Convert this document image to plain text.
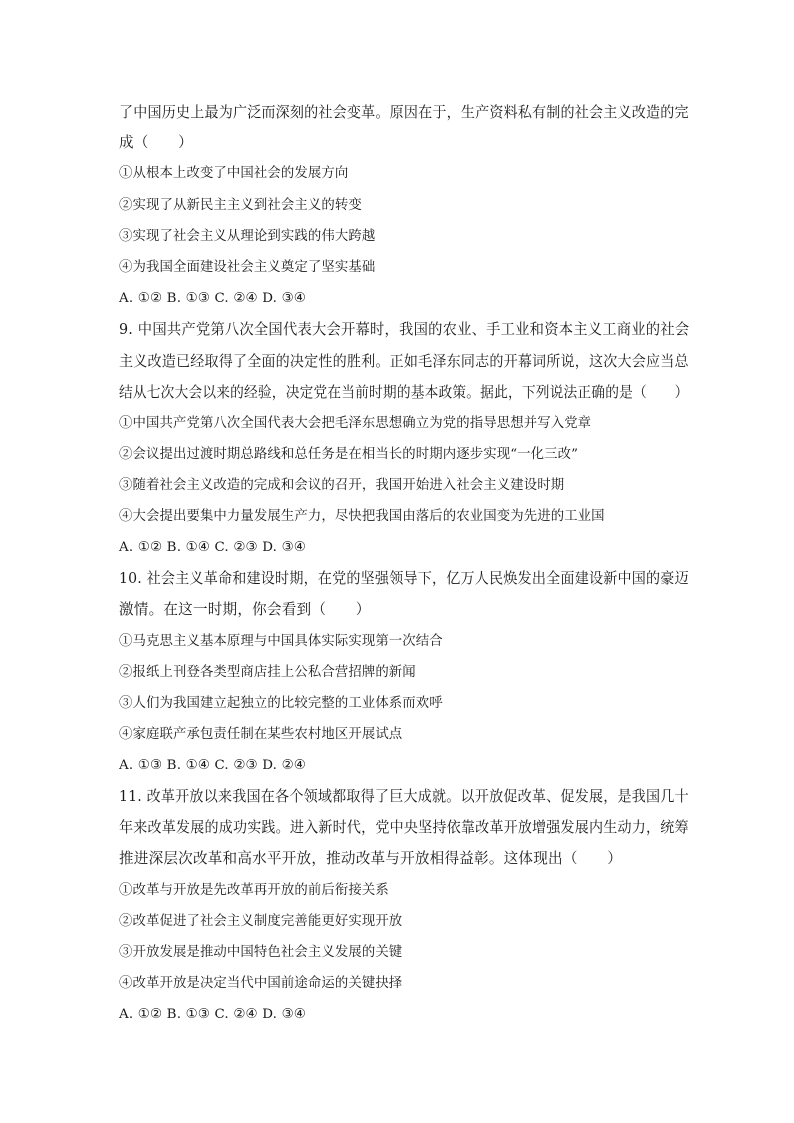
了中国历史上最为广泛而深刻的社会变革。原因在于，生产资料私有制的社会主义改造的完
成（　　）
①从根本上改变了中国社会的发展方向
②实现了从新民主主义到社会主义的转变
③实现了社会主义从理论到实践的伟大跨越
④为我国全面建设社会主义奠定了坚实基础
A. ①② B. ①③ C. ②④ D. ③④
9. 中国共产党第八次全国代表大会开幕时，我国的农业、手工业和资本主义工商业的社会
主义改造已经取得了全面的决定性的胜利。正如毛泽东同志的开幕词所说，这次大会应当总
结从七次大会以来的经验，决定党在当前时期的基本政策。据此，下列说法正确的是（　　）
①中国共产党第八次全国代表大会把毛泽东思想确立为党的指导思想并写入党章
②会议提出过渡时期总路线和总任务是在相当长的时期内逐步实现“一化三改”
③随着社会主义改造的完成和会议的召开，我国开始进入社会主义建设时期
④大会提出要集中力量发展生产力，尽快把我国由落后的农业国变为先进的工业国
A. ①② B. ①④ C. ②③ D. ③④
10. 社会主义革命和建设时期，在党的坚强领导下，亿万人民焕发出全面建设新中国的豪迈
激情。在这一时期，你会看到（　　）
①马克思主义基本原理与中国具体实际实现第一次结合
②报纸上刊登各类型商店挂上公私合营招牌的新闻
③人们为我国建立起独立的比较完整的工业体系而欢呼
④家庭联产承包责任制在某些农村地区开展试点
A. ①③ B. ①④ C. ②③ D. ②④
11. 改革开放以来我国在各个领域都取得了巨大成就。以开放促改革、促发展，是我国几十
年来改革发展的成功实践。进入新时代，党中央坚持依靠改革开放增强发展内生动力，统筹
推进深层次改革和高水平开放，推动改革与开放相得益彰。这体现出（　　）
①改革与开放是先改革再开放的前后衔接关系
②改革促进了社会主义制度完善能更好实现开放
③开放发展是推动中国特色社会主义发展的关键
④改革开放是决定当代中国前途命运的关键抉择
A. ①② B. ①③ C. ②④ D. ③④
